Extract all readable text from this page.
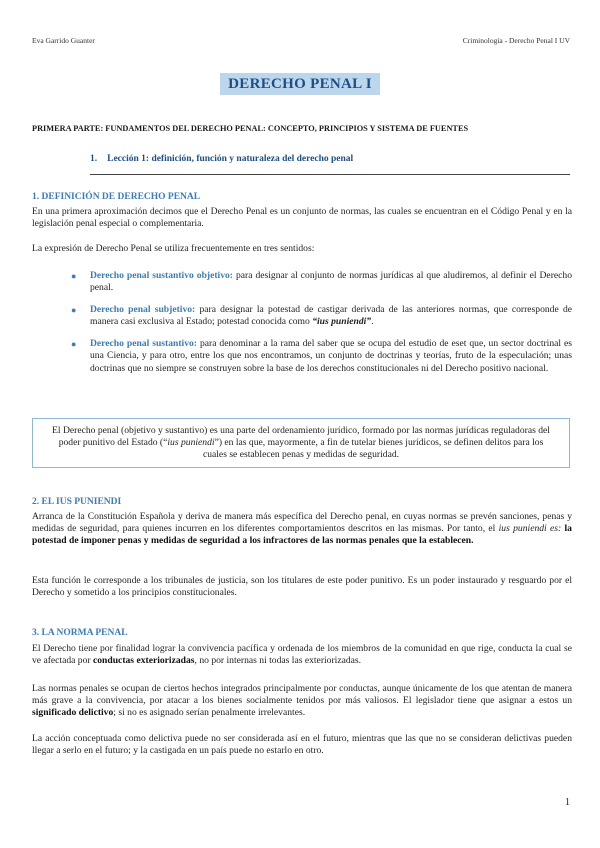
Eva Garrido Guanter	Criminología - Derecho Penal I UV
DERECHO PENAL I
PRIMERA PARTE: FUNDAMENTOS DEL DERECHO PENAL: CONCEPTO, PRINCIPIOS Y SISTEMA DE FUENTES
1. Lección 1: definición, función y naturaleza del derecho penal
1. DEFINICIÓN DE DERECHO PENAL
En una primera aproximación decimos que el Derecho Penal es un conjunto de normas, las cuales se encuentran en el Código Penal y en la legislación penal especial o complementaria.
La expresión de Derecho Penal se utiliza frecuentemente en tres sentidos:
● Derecho penal sustantivo objetivo: para designar al conjunto de normas jurídicas al que aludiremos, al definir el Derecho penal.
● Derecho penal subjetivo: para designar la potestad de castigar derivada de las anteriores normas, que corresponde de manera casi exclusiva al Estado; potestad conocida como “ius puniendi”.
● Derecho penal sustantivo: para denominar a la rama del saber que se ocupa del estudio de eset que, un sector doctrinal es una Ciencia, y para otro, entre los que nos encontramos, un conjunto de doctrinas y teorías, fruto de la especulación; unas doctrinas que no siempre se construyen sobre la base de los derechos constitucionales ni del Derecho positivo nacional.
El Derecho penal (objetivo y sustantivo) es una parte del ordenamiento jurídico, formado por las normas jurídicas reguladoras del poder punitivo del Estado (“ius puniendi”) en las que, mayormente, a fin de tutelar bienes jurídicos, se definen delitos para los cuales se establecen penas y medidas de seguridad.
2. EL IUS PUNIENDI
Arranca de la Constitución Española y deriva de manera más específica del Derecho penal, en cuyas normas se prevén sanciones, penas y medidas de seguridad, para quienes incurren en los diferentes comportamientos descritos en las mismas. Por tanto, el ius puniendi es: la potestad de imponer penas y medidas de seguridad a los infractores de las normas penales que la establecen.
Esta función le corresponde a los tribunales de justicia, son los titulares de este poder punitivo. Es un poder instaurado y resguardo por el Derecho y sometido a los principios constitucionales.
3. LA NORMA PENAL
El Derecho tiene por finalidad lograr la convivencia pacífica y ordenada de los miembros de la comunidad en que rige, conducta la cual se ve afectada por conductas exteriorizadas, no por internas ni todas las exteriorizadas.
Las normas penales se ocupan de ciertos hechos integrados principalmente por conductas, aunque únicamente de los que atentan de manera más grave a la convivencia, por atacar a los bienes socialmente tenidos por más valiosos. El legislador tiene que asignar a estos un significado delictivo; si no es asignado serían penalmente irrelevantes.
La acción conceptuada como delictiva puede no ser considerada así en el futuro, mientras que las que no se consideran delictivas pueden llegar a serlo en el futuro; y la castigada en un país puede no estarlo en otro.
1
